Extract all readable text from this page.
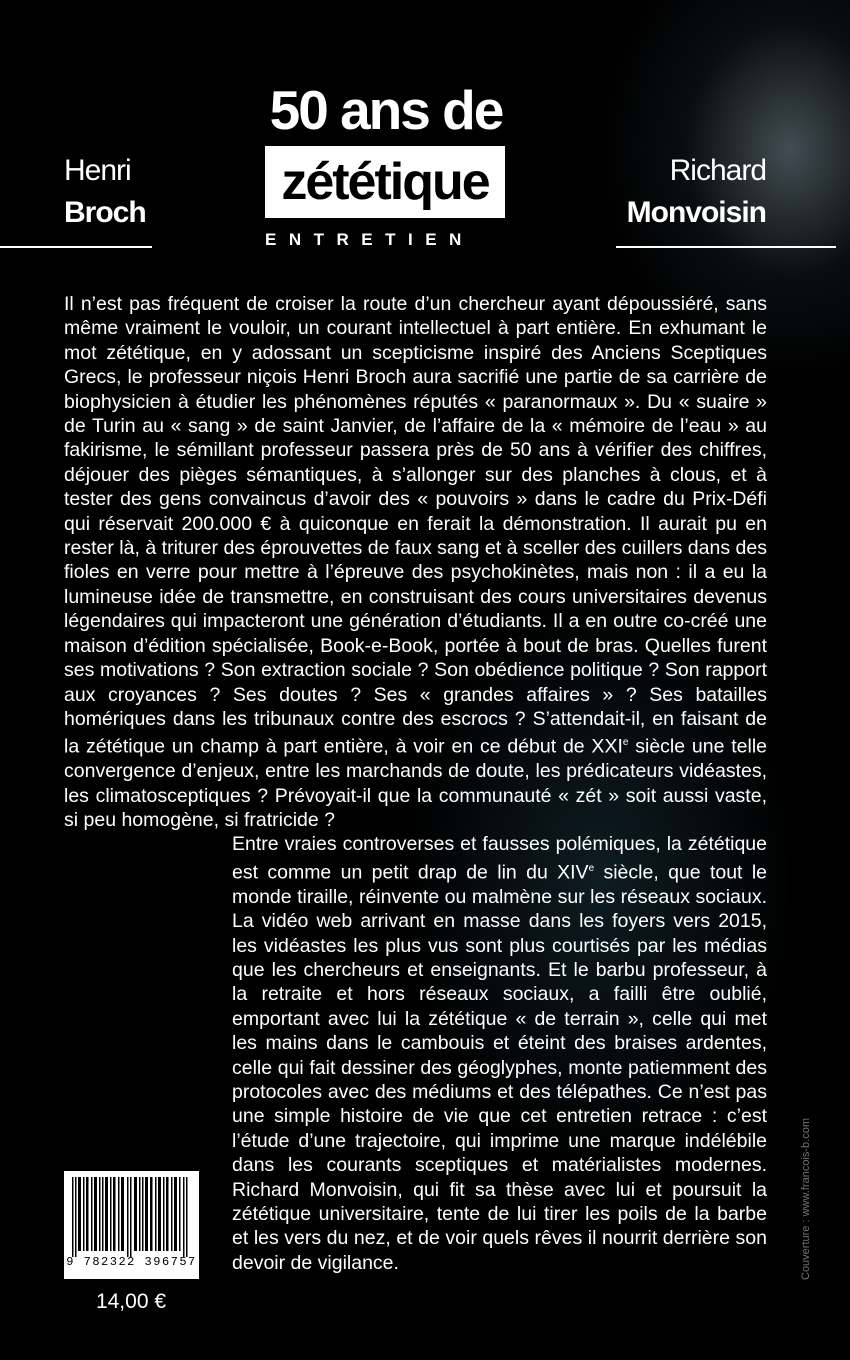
Henri
Broch
50 ans de
zététique
ENTRETIEN
Richard
Monvoisin

Il n’est pas fréquent de croiser la route d’un chercheur ayant dépoussiéré, sans même vraiment le vouloir, un courant intellectuel à part entière. En exhumant le mot zététique, en y adossant un scepticisme inspiré des Anciens Sceptiques Grecs, le professeur niçois Henri Broch aura sacrifié une partie de sa carrière de biophysicien à étudier les phénomènes réputés « paranormaux ». Du « suaire » de Turin au « sang » de saint Janvier, de l’affaire de la « mémoire de l’eau » au fakirisme, le sémillant professeur passera près de 50 ans à vérifier des chiffres, déjouer des pièges sémantiques, à s’allonger sur des planches à clous, et à tester des gens convaincus d’avoir des « pouvoirs » dans le cadre du Prix-Défi qui réservait 200.000 € à quiconque en ferait la démonstration. Il aurait pu en rester là, à triturer des éprouvettes de faux sang et à sceller des cuillers dans des fioles en verre pour mettre à l’épreuve des psychokinètes, mais non : il a eu la lumineuse idée de transmettre, en construisant des cours universitaires devenus légendaires qui impacteront une génération d’étudiants. Il a en outre co-créé une maison d’édition spécialisée, Book-e-Book, portée à bout de bras. Quelles furent ses motivations ? Son extraction sociale ? Son obédience politique ? Son rapport aux croyances ? Ses doutes ? Ses « grandes affaires » ? Ses batailles homériques dans les tribunaux contre des escrocs ? S’attendait-il, en faisant de la zététique un champ à part entière, à voir en ce début de XXIe siècle une telle convergence d’enjeux, entre les marchands de doute, les prédicateurs vidéastes, les climatosceptiques ? Prévoyait-il que la communauté « zét » soit aussi vaste, si peu homogène, si fratricide ?

Entre vraies controverses et fausses polémiques, la zététique est comme un petit drap de lin du XIVe siècle, que tout le monde tiraille, réinvente ou malmène sur les réseaux sociaux. La vidéo web arrivant en masse dans les foyers vers 2015, les vidéastes les plus vus sont plus courtisés par les médias que les chercheurs et enseignants. Et le barbu professeur, à la retraite et hors réseaux sociaux, a failli être oublié, emportant avec lui la zététique « de terrain », celle qui met les mains dans le cambouis et éteint des braises ardentes, celle qui fait dessiner des géoglyphes, monte patiemment des protocoles avec des médiums et des télépathes. Ce n’est pas une simple histoire de vie que cet entretien retrace : c’est l’étude d’une trajectoire, qui imprime une marque indélébile dans les courants sceptiques et matérialistes modernes. Richard Monvoisin, qui fit sa thèse avec lui et poursuit la zététique universitaire, tente de lui tirer les poils de la barbe et les vers du nez, et de voir quels rêves il nourrit derrière son devoir de vigilance.

9 782322 396757
14,00 €
Couverture : www.francois-b.com
